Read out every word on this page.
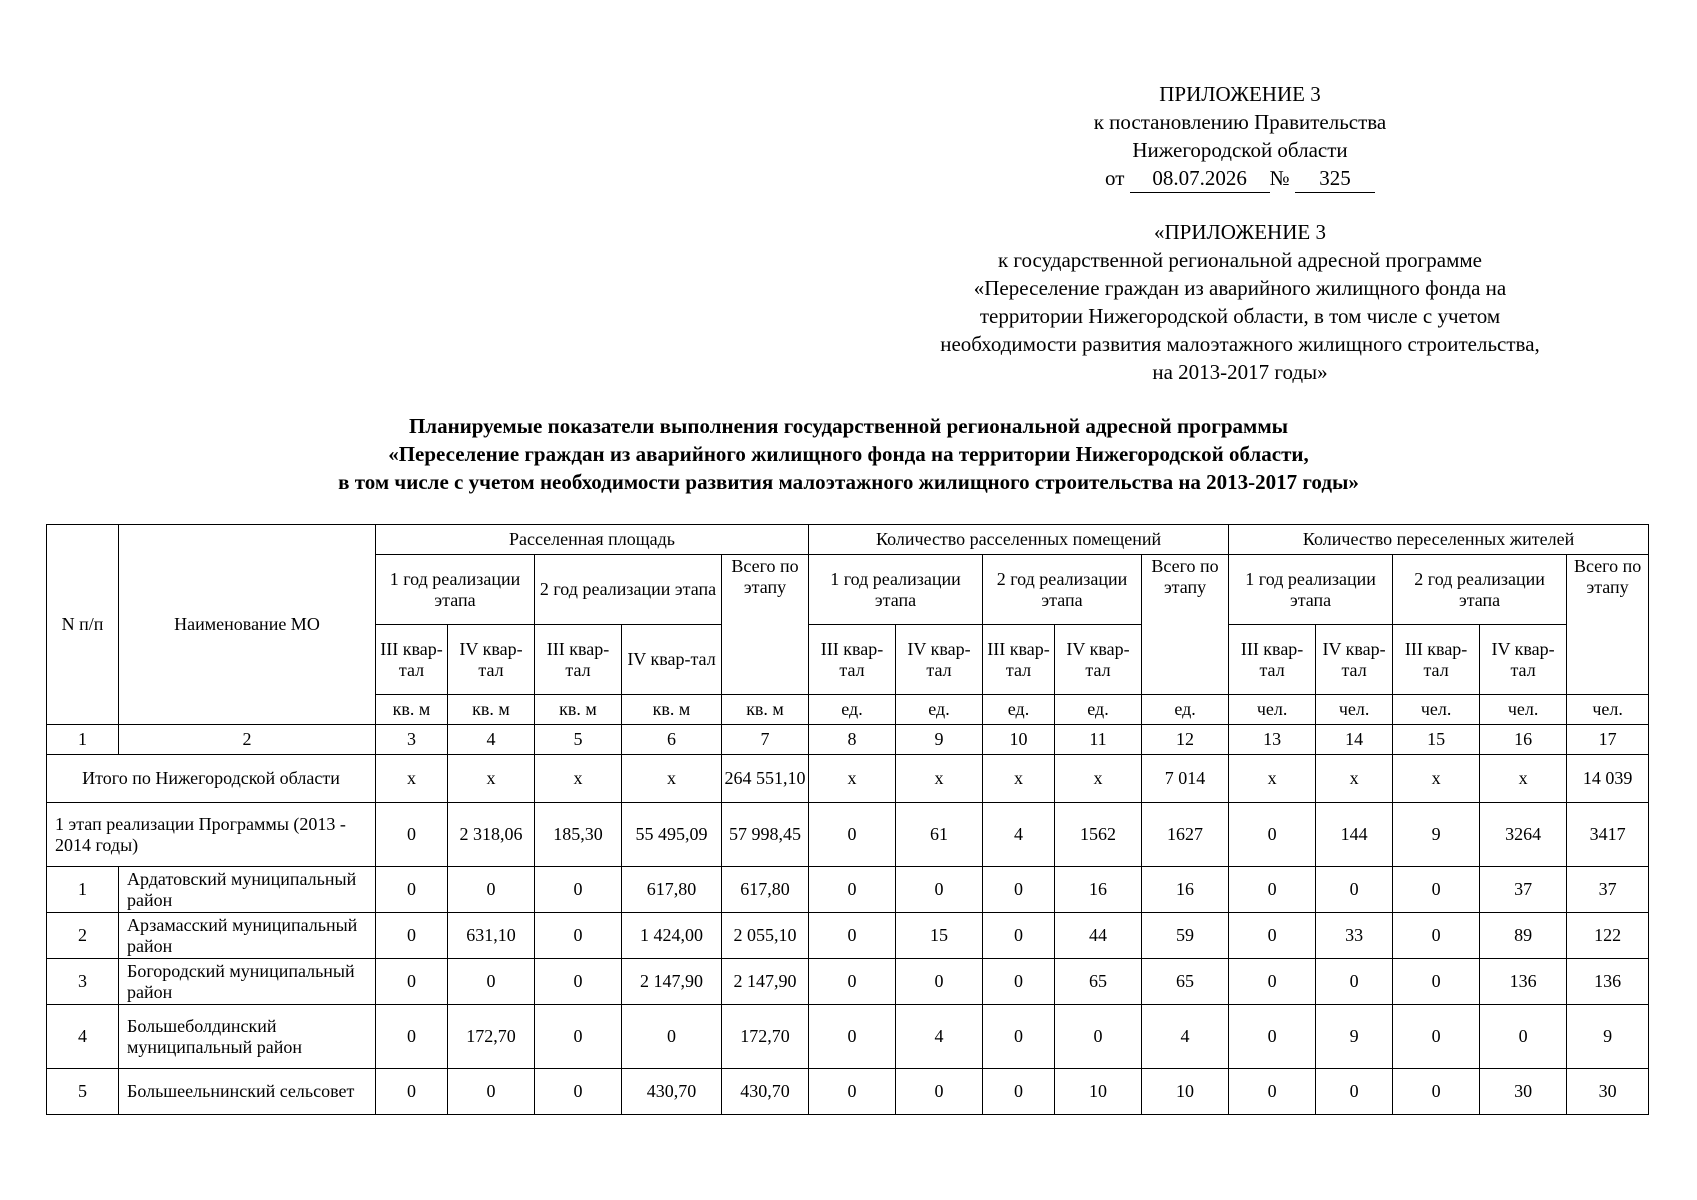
ПРИЛОЖЕНИЕ 3
к постановлению Правительства
Нижегородской области
от 08.07.2026 № 325
«ПРИЛОЖЕНИЕ 3
к государственной региональной адресной программе
«Переселение граждан из аварийного жилищного фонда на
территории Нижегородской области, в том числе с учетом
необходимости развития малоэтажного жилищного строительства,
на 2013-2017 годы»
Планируемые показатели выполнения государственной региональной адресной программы
«Переселение граждан из аварийного жилищного фонда на территории Нижегородской области,
в том числе с учетом необходимости развития малоэтажного жилищного строительства на 2013-2017 годы»
N п/п	Наименование МО	Расселенная площадь					Количество расселенных помещений					Количество переселенных жителей				
		1 год реализации этапа		2 год реализации этапа		Всего по этапу	1 год реализации этапа		2 год реализации этапа		Всего по этапу	1 год реализации этапа		2 год реализации этапа		Всего по этапу
		III квар-тал	IV квар-тал	III квар-тал	IV квар-тал		III квар-тал	IV квар-тал	III квар-тал	IV квар-тал		III квар-тал	IV квар-тал	III квар-тал	IV квар-тал	
		кв. м	кв. м	кв. м	кв. м	кв. м	ед.	ед.	ед.	ед.	ед.	чел.	чел.	чел.	чел.	чел.
1	2	3	4	5	6	7	8	9	10	11	12	13	14	15	16	17
Итого по Нижегородской области		x	x	x	x	264 551,10	x	x	x	x	7 014	x	x	x	x	14 039
1 этап реализации Программы (2013 - 2014 годы)		0	2 318,06	185,30	55 495,09	57 998,45	0	61	4	1562	1627	0	144	9	3264	3417
1	Ардатовский муниципальный район	0	0	0	617,80	617,80	0	0	0	16	16	0	0	0	37	37
2	Арзамасский муниципальный район	0	631,10	0	1 424,00	2 055,10	0	15	0	44	59	0	33	0	89	122
3	Богородский муниципальный район	0	0	0	2 147,90	2 147,90	0	0	0	65	65	0	0	0	136	136
4	Большеболдинский муниципальный район	0	172,70	0	0	172,70	0	4	0	0	4	0	9	0	0	9
5	Большеельнинский сельсовет	0	0	0	430,70	430,70	0	0	0	10	10	0	0	0	30	30
